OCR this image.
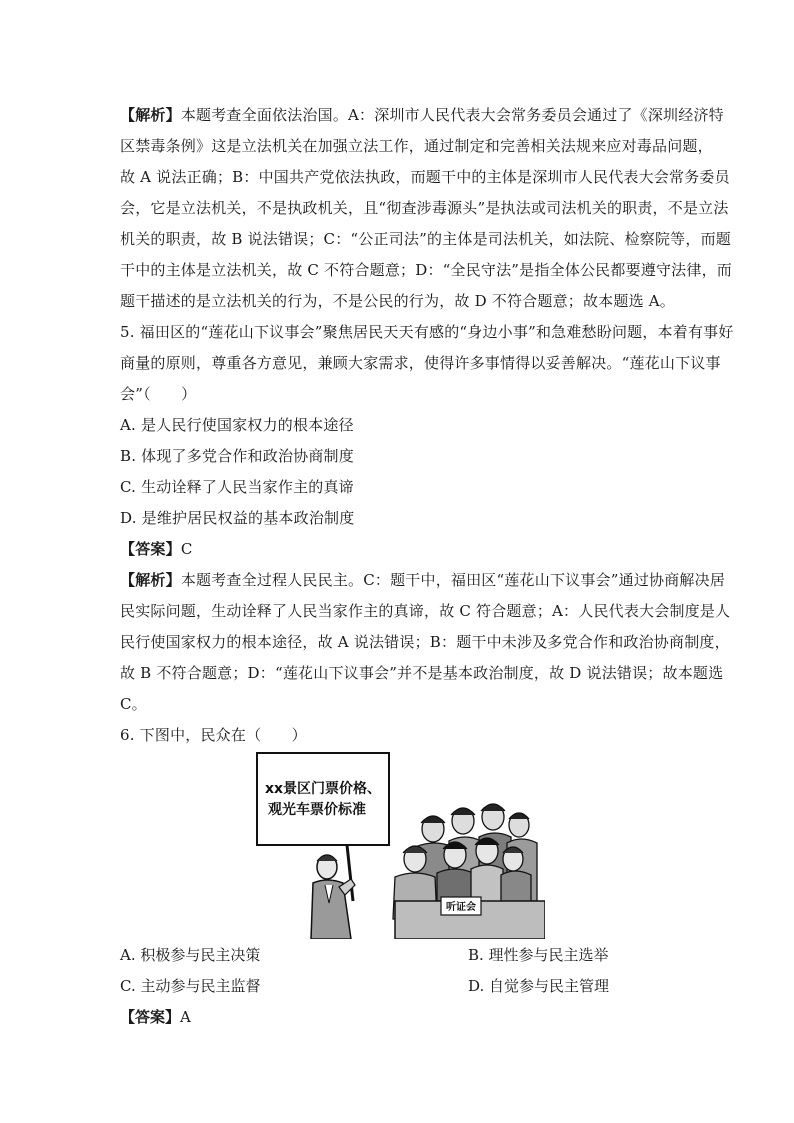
【解析】本题考查全面依法治国。A：深圳市人民代表大会常务委员会通过了《深圳经济特
区禁毒条例》这是立法机关在加强立法工作，通过制定和完善相关法规来应对毒品问题，
故 A 说法正确；B：中国共产党依法执政，而题干中的主体是深圳市人民代表大会常务委员
会，它是立法机关，不是执政机关，且“彻查涉毒源头”是执法或司法机关的职责，不是立法
机关的职责，故 B 说法错误；C：“公正司法”的主体是司法机关，如法院、检察院等，而题
干中的主体是立法机关，故 C 不符合题意；D：“全民守法”是指全体公民都要遵守法律，而
题干描述的是立法机关的行为，不是公民的行为，故 D 不符合题意；故本题选 A。
5. 福田区的“莲花山下议事会”聚焦居民天天有感的“身边小事”和急难愁盼问题，本着有事好
商量的原则，尊重各方意见，兼顾大家需求，使得许多事情得以妥善解决。“莲花山下议事
会”（　　）
A. 是人民行使国家权力的根本途径
B. 体现了多党合作和政治协商制度
C. 生动诠释了人民当家作主的真谛
D. 是维护居民权益的基本政治制度
【答案】C
【解析】本题考查全过程人民民主。C：题干中，福田区“莲花山下议事会”通过协商解决居
民实际问题，生动诠释了人民当家作主的真谛，故 C 符合题意；A：人民代表大会制度是人
民行使国家权力的根本途径，故 A 说法错误；B：题干中未涉及多党合作和政治协商制度，
故 B 不符合题意；D：“莲花山下议事会”并不是基本政治制度，故 D 说法错误；故本题选
C。
6. 下图中，民众在（　　）
xx景区门票价格、
观光车票价标准
听证会
A. 积极参与民主决策	B. 理性参与民主选举
C. 主动参与民主监督	D. 自觉参与民主管理
【答案】A
